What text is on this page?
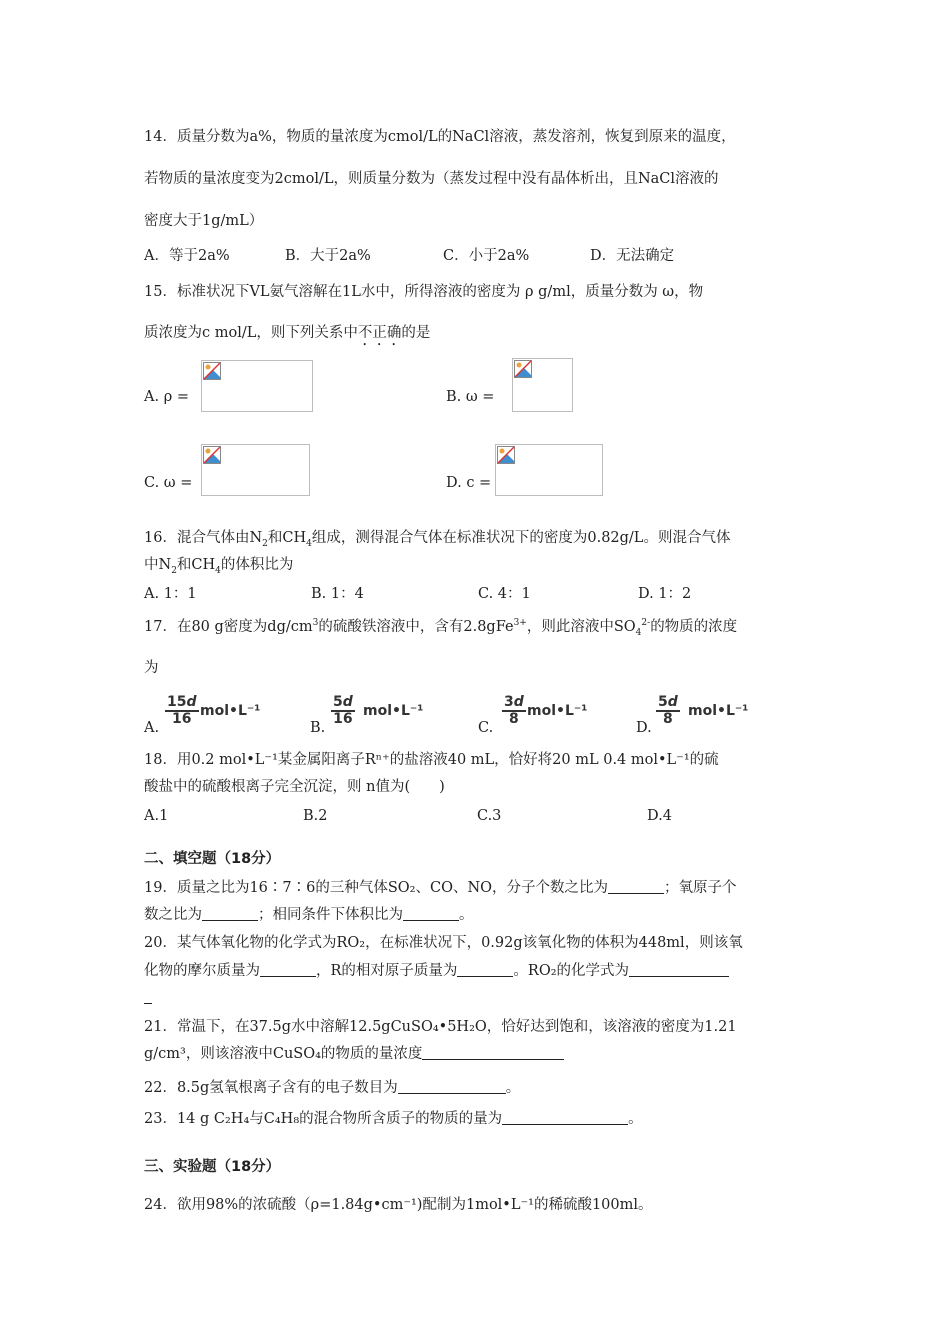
14．质量分数为a%，物质的量浓度为cmol/L的NaCl溶液，蒸发溶剂，恢复到原来的温度，
若物质的量浓度变为2cmol/L，则质量分数为（蒸发过程中没有晶体析出，且NaCl溶液的
密度大于1g/mL）
A．等于2a%	B．大于2a%	C．小于2a%	D．无法确定
15．标准状况下VL氨气溶解在1L水中，所得溶液的密度为 ρ g/ml，质量分数为 ω，物
质浓度为c mol/L，则下列关系中不正确的是
A. ρ =	B. ω =
C. ω =	D. c =
16．混合气体由$N_2$和$CH_4$组成，测得混合气体在标准状况下的密度为0.82g/L。则混合气体
中$N_2$和$CH_4$的体积比为
A. 1：1	B. 1：4	C. 4：1	D. 1：2
17．在80 g密度为$dg/cm^3$的硫酸铁溶液中，含有2.8gFe$^{3+}$，则此溶液中$SO_4^{2-}$的物质的浓度
为
A.
15d
16 mol•L⁻¹
B.
5d
16 mol•L⁻¹
C.
3d
8 mol•L⁻¹
D.
5d
8 mol•L⁻¹
18．用0.2 mol•L⁻¹某金属阳离子Rⁿ⁺的盐溶液40 mL，恰好将20 mL 0.4 mol•L⁻¹的硫
酸盐中的硫酸根离子完全沉淀，则 n值为(　　)
A.1	B.2	C.3	D.4
二、填空题（18分）
19．质量之比为16∶7∶6的三种气体SO₂、CO、NO，分子个数之比为	；氧原子个
数之比为	；相同条件下体积比为	。
20．某气体氧化物的化学式为RO₂，在标准状况下，0.92g该氧化物的体积为448ml，则该氧
化物的摩尔质量为	，R的相对原子质量为	。RO₂的化学式为
21．常温下，在37.5g水中溶解12.5gCuSO₄•5H₂O，恰好达到饱和，该溶液的密度为1.21
g/cm³，则该溶液中CuSO₄的物质的量浓度
22．8.5g氢氧根离子含有的电子数目为	。
23．14 g C₂H₄与C₄H₈的混合物所含质子的物质的量为	。
三、实验题（18分）
24．欲用98%的浓硫酸（ρ=1.84g•cm⁻¹)配制为1mol•L⁻¹的稀硫酸100ml。
